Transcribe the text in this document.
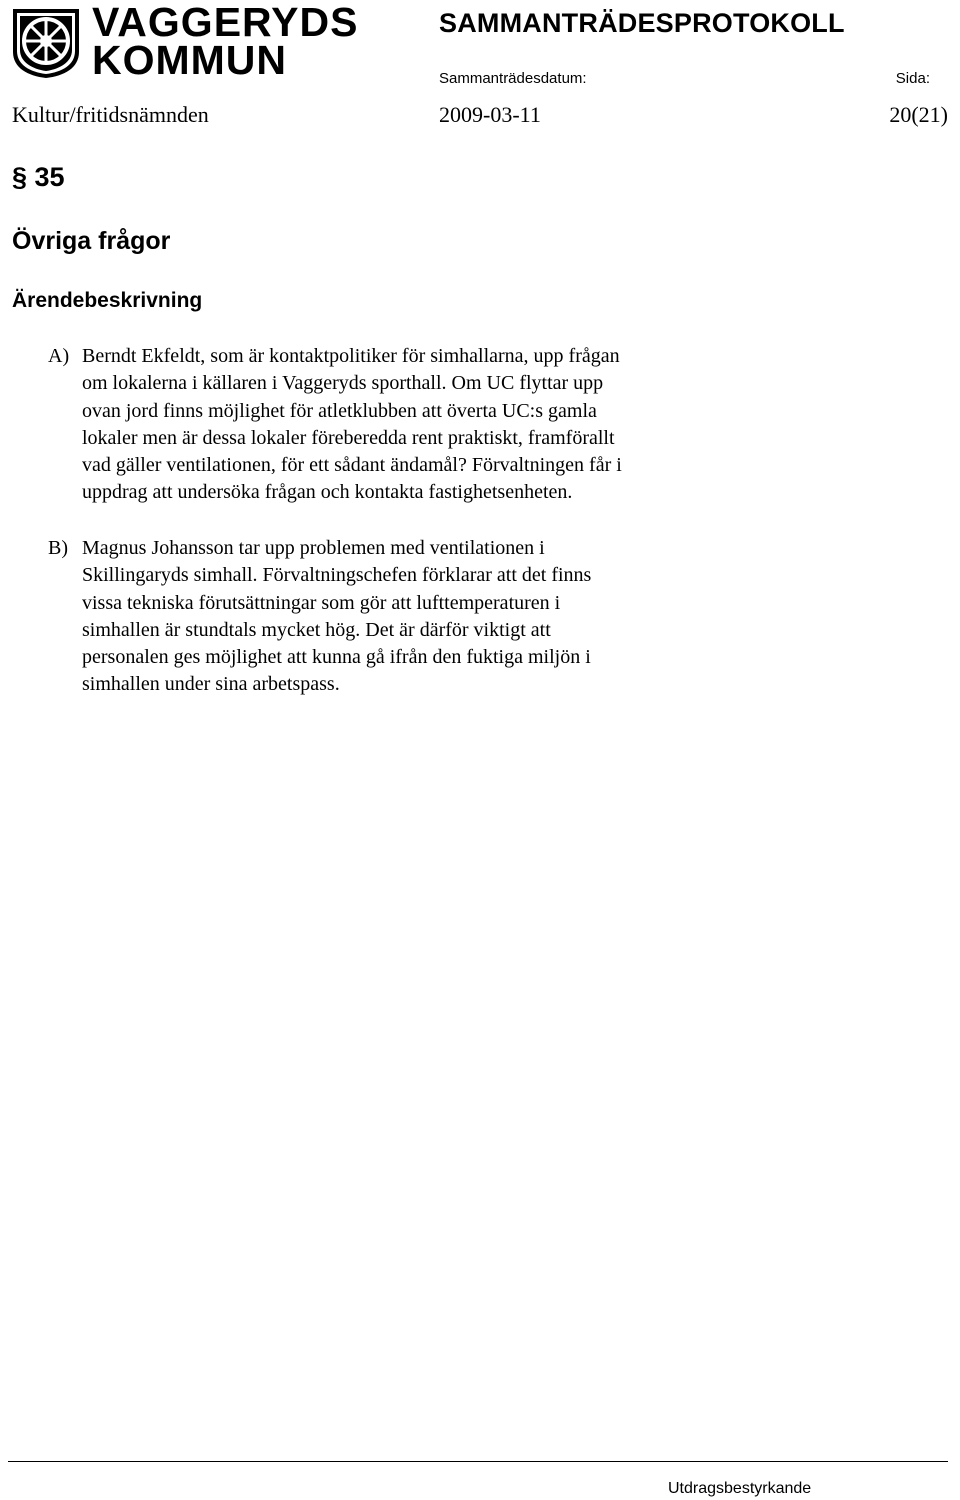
VAGGERYDS
KOMMUN
SAMMANTRÄDESPROTOKOLL
Sammanträdesdatum:	Sida:
Kultur/fritidsnämnden	2009-03-11	20(21)
§ 35
Övriga frågor
Ärendebeskrivning
A) Berndt Ekfeldt, som är kontaktpolitiker för simhallarna, upp frågan
om lokalerna i källaren i Vaggeryds sporthall. Om UC flyttar upp
ovan jord finns möjlighet för atletklubben att överta UC:s gamla
lokaler men är dessa lokaler föreberedda rent praktiskt, framförallt
vad gäller ventilationen, för ett sådant ändamål? Förvaltningen får i
uppdrag att undersöka frågan och kontakta fastighetsenheten.
B) Magnus Johansson tar upp problemen med ventilationen i
Skillingaryds simhall. Förvaltningschefen förklarar att det finns
vissa tekniska förutsättningar som gör att lufttemperaturen i
simhallen är stundtals mycket hög. Det är därför viktigt att
personalen ges möjlighet att kunna gå ifrån den fuktiga miljön i
simhallen under sina arbetspass.
Utdragsbestyrkande
